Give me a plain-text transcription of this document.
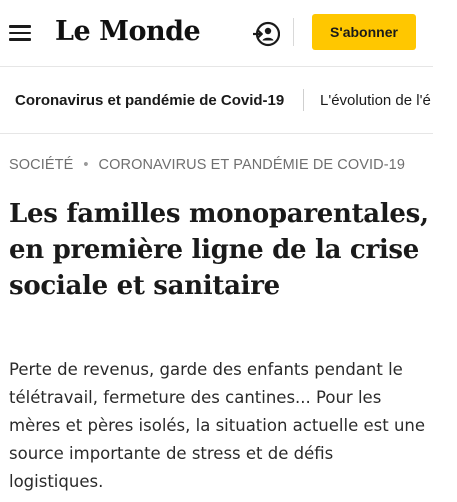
Le Monde	S'abonner
Coronavirus et pandémie de Covid-19 L'évolution de l'é
SOCIÉTÉ • CORONAVIRUS ET PANDÉMIE DE COVID-19
Les familles monoparentales, en première ligne de la crise sociale et sanitaire

Perte de revenus, garde des enfants pendant le télétravail, fermeture des cantines... Pour les mères et pères isolés, la situation actuelle est une source importante de stress et de défis logistiques.
